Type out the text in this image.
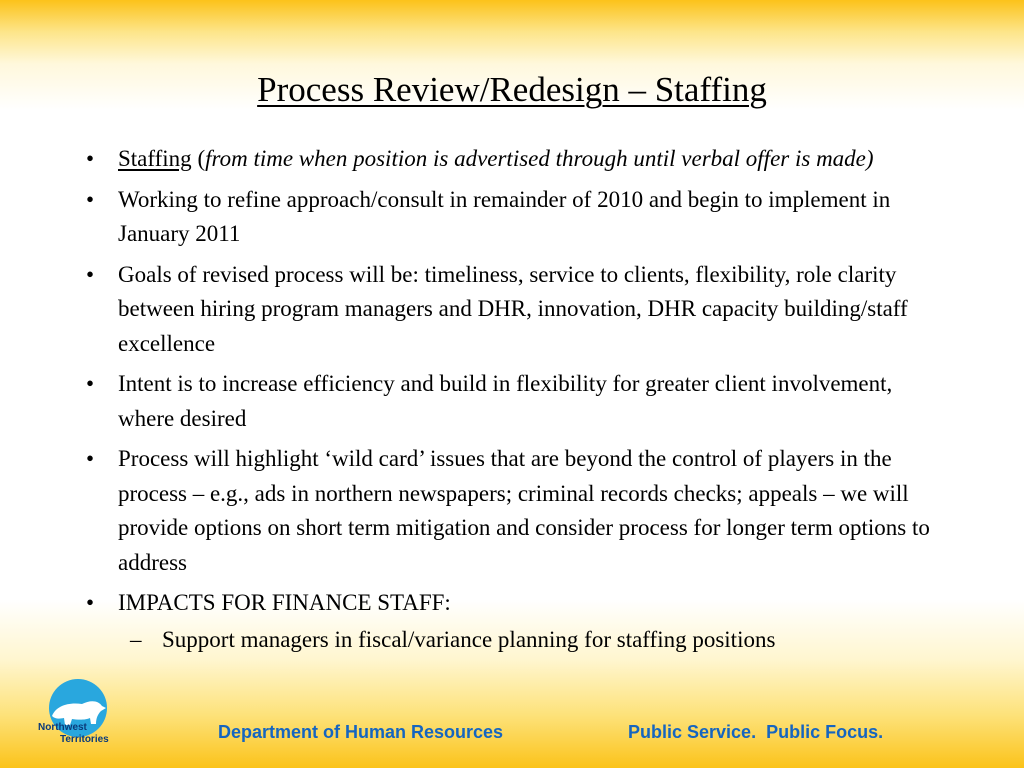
Process Review/Redesign – Staffing
• Staffing (from time when position is advertised through until verbal offer is made)
• Working to refine approach/consult in remainder of 2010 and begin to implement in January 2011
• Goals of revised process will be: timeliness, service to clients, flexibility, role clarity between hiring program managers and DHR, innovation, DHR capacity building/staff excellence
• Intent is to increase efficiency and build in flexibility for greater client involvement, where desired
• Process will highlight ‘wild card’ issues that are beyond the control of players in the process – e.g., ads in northern newspapers; criminal records checks; appeals – we will provide options on short term mitigation and consider process for longer term options to address
• IMPACTS FOR FINANCE STAFF:
– Support managers in fiscal/variance planning for staffing positions
Northwest
Territories	Department of Human Resources	Public Service.  Public Focus.
